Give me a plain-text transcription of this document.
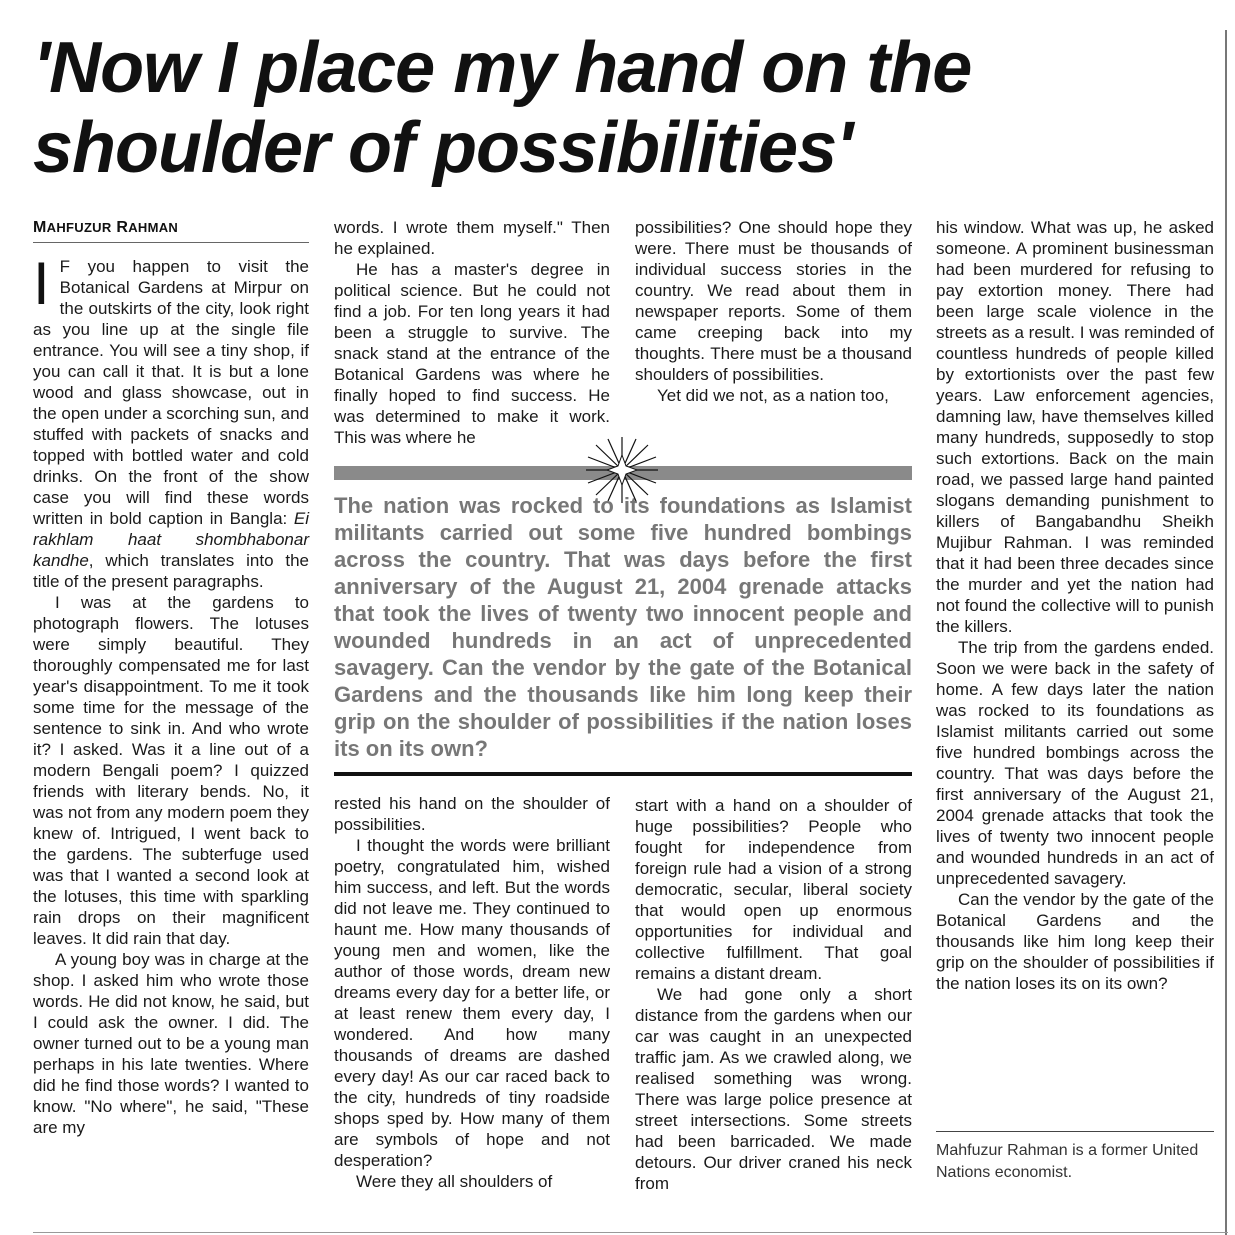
'Now I place my hand on the
shoulder of possibilities'
MAHFUZUR RAHMAN

I F you happen to visit the Botanical Gardens at Mirpur on the outskirts of the city, look right as you line up at the single file entrance. You will see a tiny shop, if you can call it that. It is but a lone wood and glass showcase, out in the open under a scorching sun, and stuffed with packets of snacks and topped with bottled water and cold drinks. On the front of the show case you will find these words written in bold caption in Bangla: Ei rakhlam haat shombhabonar kandhe, which translates into the title of the present paragraphs.

I was at the gardens to photograph flowers. The lotuses were simply beautiful. They thoroughly compensated me for last year's disappointment. To me it took some time for the message of the sentence to sink in. And who wrote it? I asked. Was it a line out of a modern Bengali poem? I quizzed friends with literary bends. No, it was not from any modern poem they knew of. Intrigued, I went back to the gardens. The subterfuge used was that I wanted a second look at the lotuses, this time with sparkling rain drops on their magnificent leaves. It did rain that day.

A young boy was in charge at the shop. I asked him who wrote those words. He did not know, he said, but I could ask the owner. I did. The owner turned out to be a young man perhaps in his late twenties. Where did he find those words? I wanted to know. "No where", he said, "These are my

words. I wrote them myself." Then he explained.

He has a master's degree in political science. But he could not find a job. For ten long years it had been a struggle to survive. The snack stand at the entrance of the Botanical Gardens was where he finally hoped to find success. He was determined to make it work. This was where he

possibilities? One should hope they were. There must be thousands of individual success stories in the country. We read about them in newspaper reports. Some of them came creeping back into my thoughts. There must be a thousand shoulders of possibilities.

Yet did we not, as a nation too,

The nation was rocked to its foundations as Islamist militants carried out some five hundred bombings across the country. That was days before the first anniversary of the August 21, 2004 grenade attacks that took the lives of twenty two innocent people and wounded hundreds in an act of unprecedented savagery. Can the vendor by the gate of the Botanical Gardens and the thousands like him long keep their grip on the shoulder of possibilities if the nation loses its on its own?

rested his hand on the shoulder of possibilities.

I thought the words were brilliant poetry, congratulated him, wished him success, and left. But the words did not leave me. They continued to haunt me. How many thousands of young men and women, like the author of those words, dream new dreams every day for a better life, or at least renew them every day, I wondered. And how many thousands of dreams are dashed every day! As our car raced back to the city, hundreds of tiny roadside shops sped by. How many of them are symbols of hope and not desperation?

Were they all shoulders of

start with a hand on a shoulder of huge possibilities? People who fought for independence from foreign rule had a vision of a strong democratic, secular, liberal society that would open up enormous opportunities for individual and collective fulfillment. That goal remains a distant dream.

We had gone only a short distance from the gardens when our car was caught in an unexpected traffic jam. As we crawled along, we realised something was wrong. There was large police presence at street intersections. Some streets had been barricaded. We made detours. Our driver craned his neck from

his window. What was up, he asked someone. A prominent businessman had been murdered for refusing to pay extortion money. There had been large scale violence in the streets as a result. I was reminded of countless hundreds of people killed by extortionists over the past few years. Law enforcement agencies, damning law, have themselves killed many hundreds, supposedly to stop such extortions. Back on the main road, we passed large hand painted slogans demanding punishment to killers of Bangabandhu Sheikh Mujibur Rahman. I was reminded that it had been three decades since the murder and yet the nation had not found the collective will to punish the killers.

The trip from the gardens ended. Soon we were back in the safety of home. A few days later the nation was rocked to its foundations as Islamist militants carried out some five hundred bombings across the country. That was days before the first anniversary of the August 21, 2004 grenade attacks that took the lives of twenty two innocent people and wounded hundreds in an act of unprecedented savagery.

Can the vendor by the gate of the Botanical Gardens and the thousands like him long keep their grip on the shoulder of possibilities if the nation loses its on its own?

Mahfuzur Rahman is a former United Nations economist.
